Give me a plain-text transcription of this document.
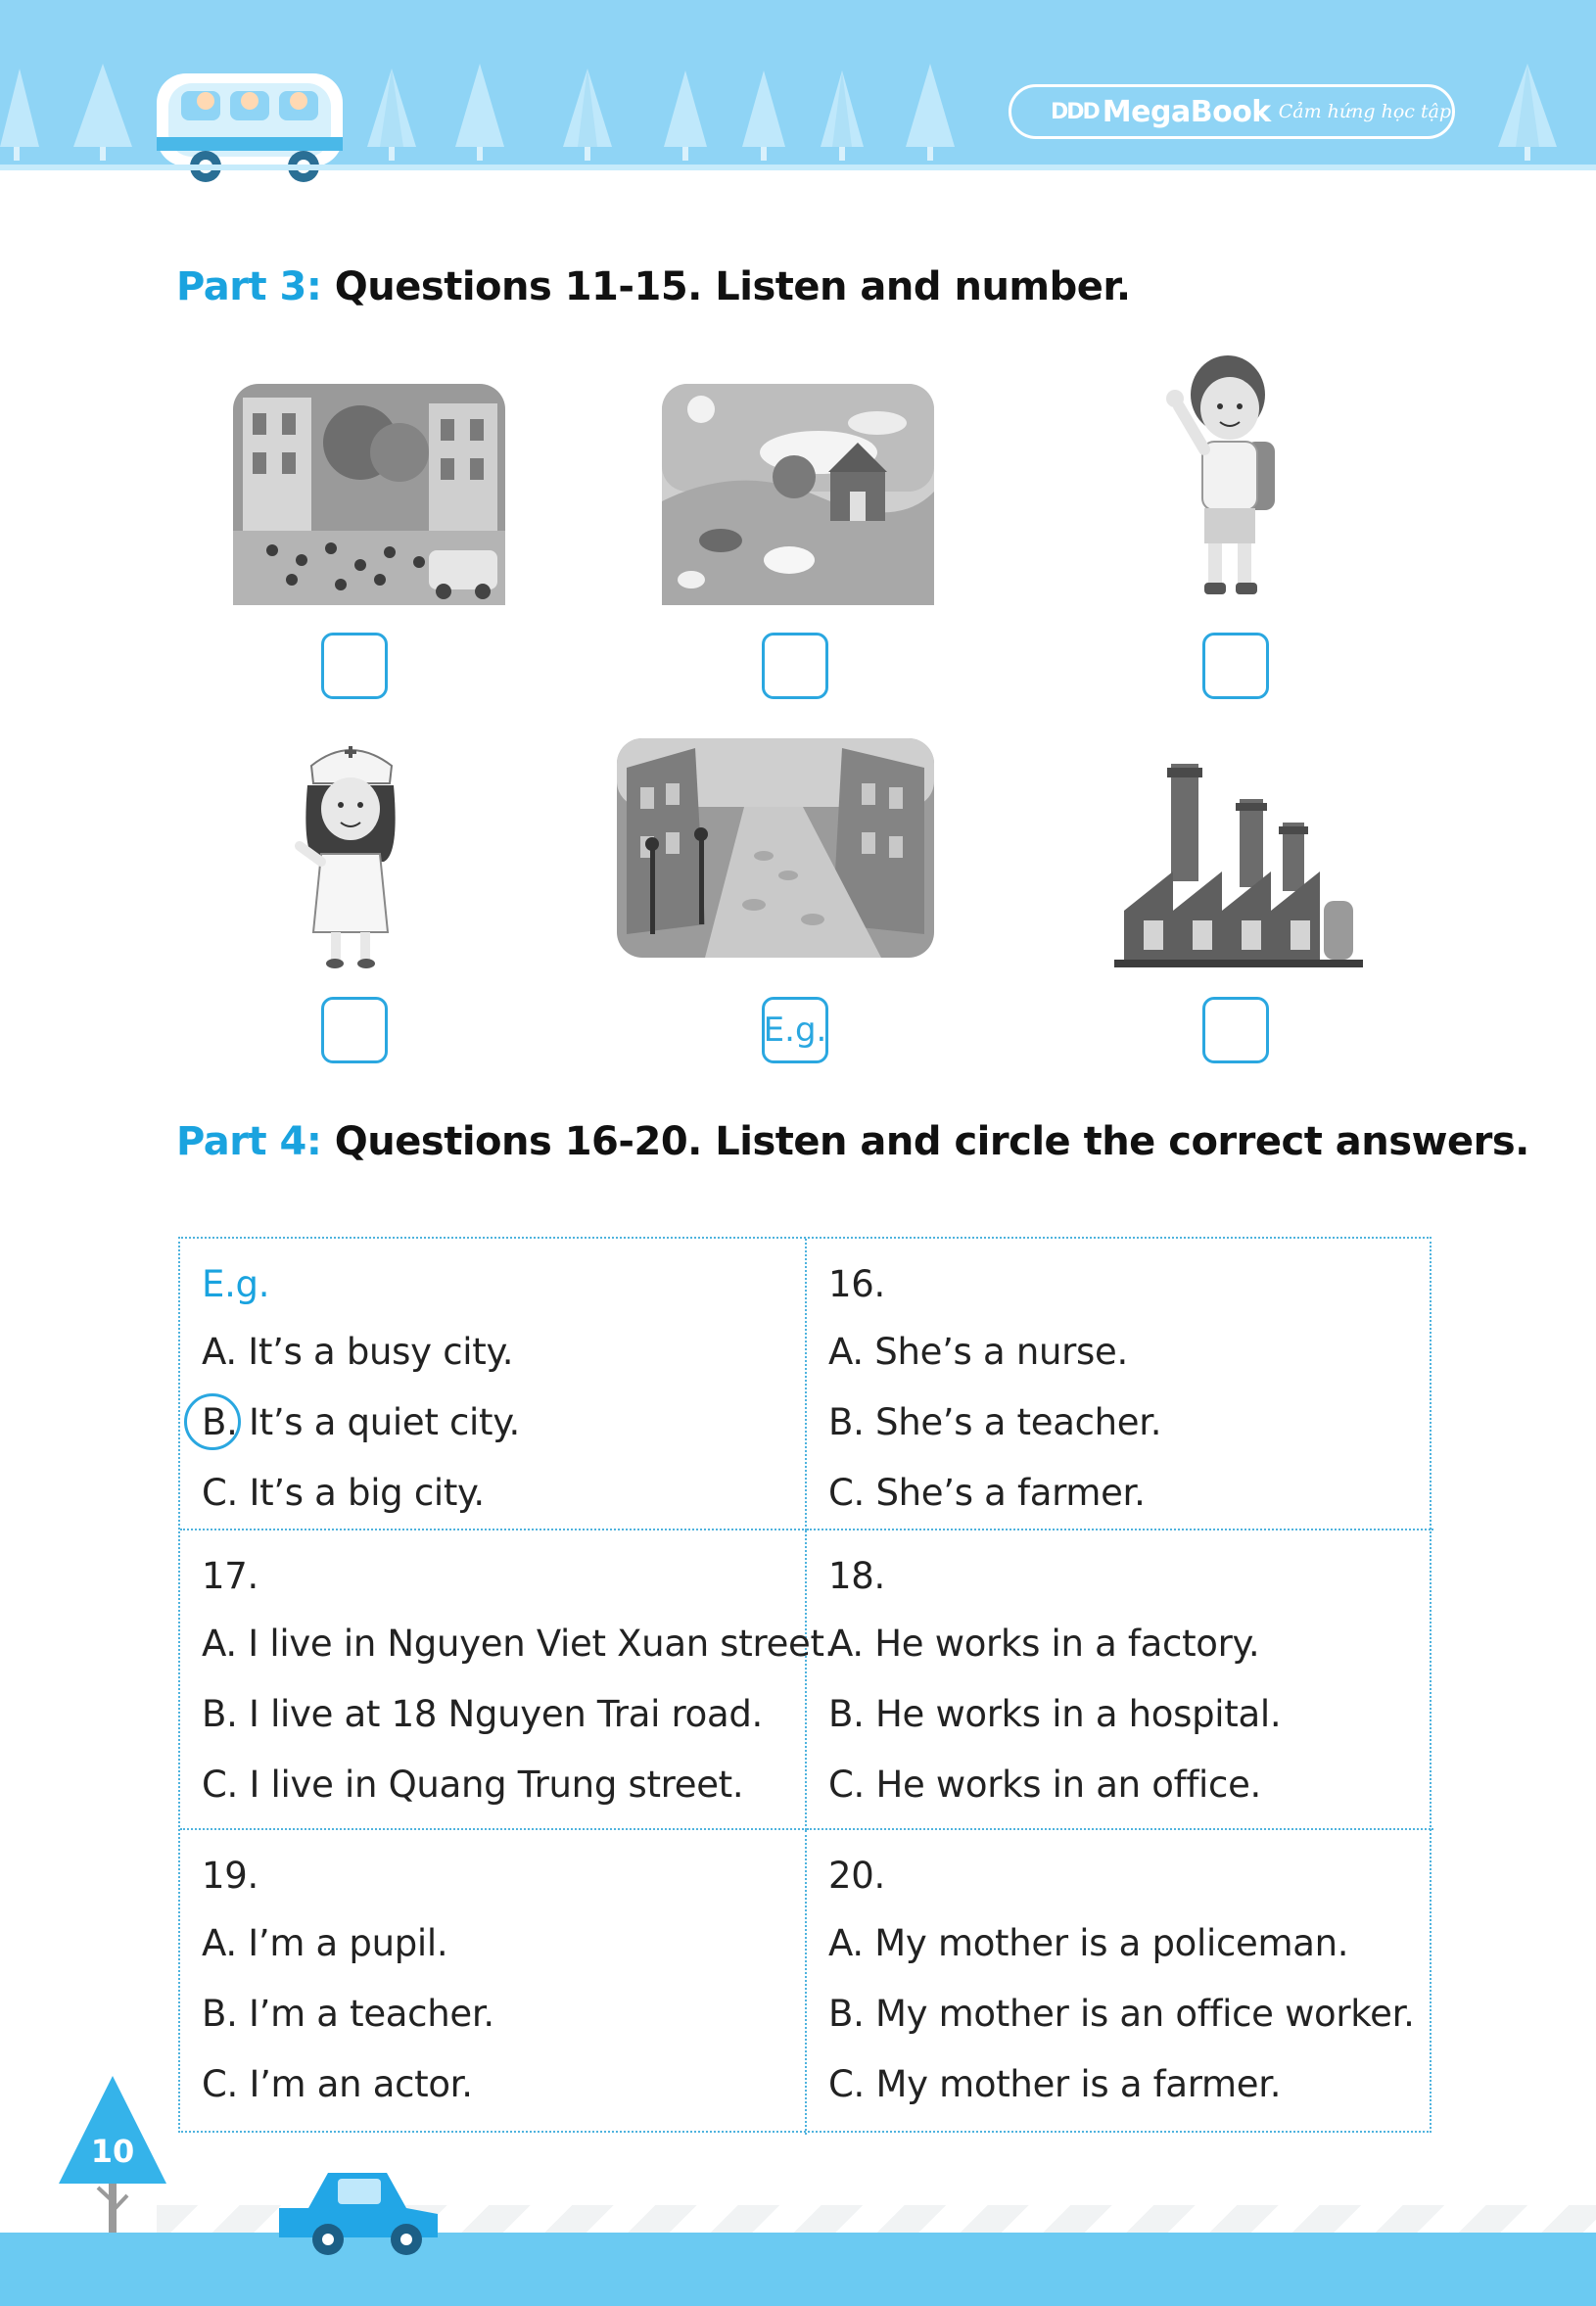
DDD MegaBook Cảm hứng học tập
Part 3: Questions 11-15. Listen and number.
E.g.
Part 4: Questions 16-20. Listen and circle the correct answers.
E.g.
A. It’s a busy city.
B. It’s a quiet city.
C. It’s a big city.
16.
A. She’s a nurse.
B. She’s a teacher.
C. She’s a farmer.
17.
A. I live in Nguyen Viet Xuan street.
B. I live at 18 Nguyen Trai road.
C. I live in Quang Trung street.
18.
A. He works in a factory.
B. He works in a hospital.
C. He works in an office.
19.
A. I’m a pupil.
B. I’m a teacher.
C. I’m an actor.
20.
A. My mother is a policeman.
B. My mother is an office worker.
C. My mother is a farmer.
10
